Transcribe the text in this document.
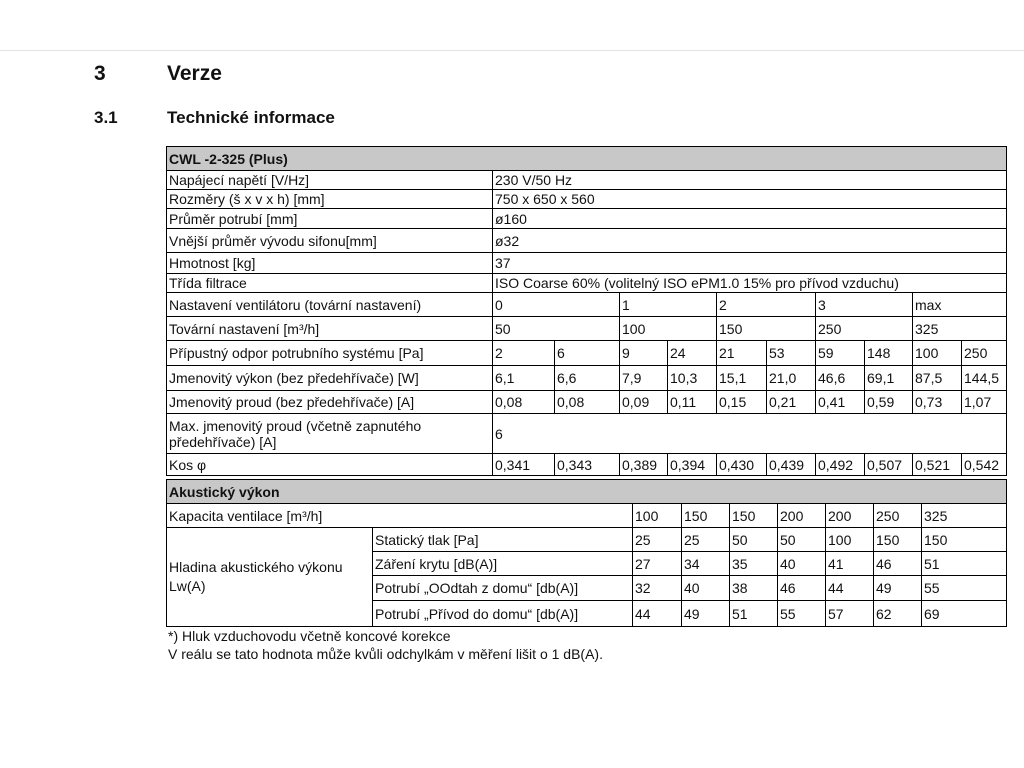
3	Verze
3.1	Technické informace
CWL -2-325 (Plus)										
Napájecí napětí [V/Hz]	230 V/50 Hz									
Rozměry (š x v x h) [mm]	750 x 650 x 560									
Průměr potrubí [mm]	ø160									
Vnější průměr vývodu sifonu[mm]	ø32									
Hmotnost [kg]	37									
Třída filtrace	ISO Coarse 60% (volitelný ISO ePM1.0 15% pro přívod vzduchu)									
Nastavení ventilátoru (tovární nastavení)	0		1		2		3		max	
Tovární nastavení [m³/h]	50		100		150		250		325	
Přípustný odpor potrubního systému [Pa]	2	6	9	24	21	53	59	148	100	250
Jmenovitý výkon (bez předehřívače) [W]	6,1	6,6	7,9	10,3	15,1	21,0	46,6	69,1	87,5	144,5
Jmenovitý proud (bez předehřívače) [A]	0,08	0,08	0,09	0,11	0,15	0,21	0,41	0,59	0,73	1,07
Max. jmenovitý proud (včetně zapnutého předehřívače) [A]	6									
Kos φ	0,341	0,343	0,389	0,394	0,430	0,439	0,492	0,507	0,521	0,542
Akustický výkon								
Kapacita ventilace [m³/h]		100	150	150	200	200	250	325
Hladina akustického výkonu Lw(A)	Statický tlak [Pa]	25	25	50	50	100	150	150
	Záření krytu [dB(A)]	27	34	35	40	41	46	51
	Potrubí „OOdtah z domu“ [db(A)]	32	40	38	46	44	49	55
	Potrubí „Přívod do domu“ [db(A)]	44	49	51	55	57	62	69
*) Hluk vzduchovodu včetně koncové korekce
V reálu se tato hodnota může kvůli odchylkám v měření lišit o 1 dB(A).
